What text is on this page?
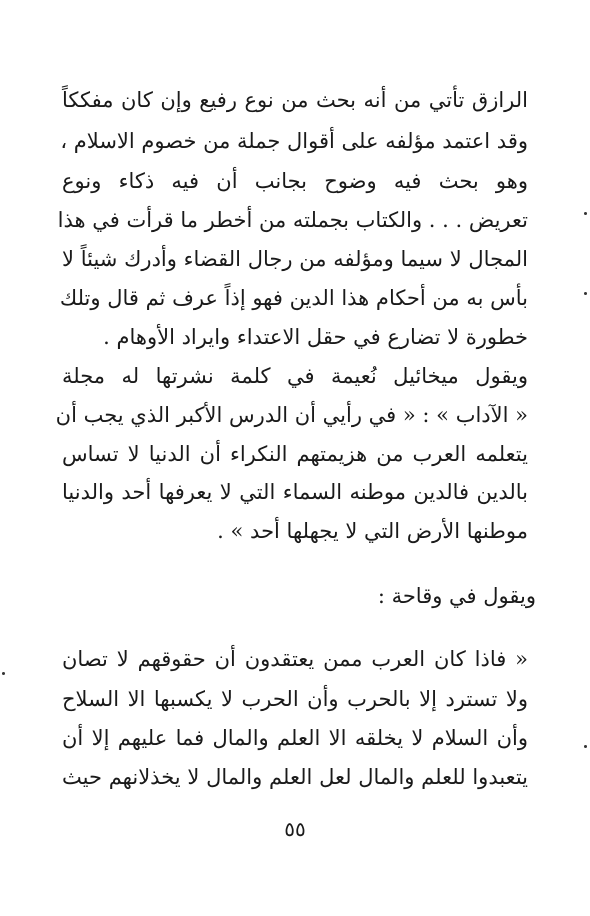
الرازق تأتي من أنه بحث من نوع رفيع وإن كان مفككاً
وقد اعتمد مؤلفه على أقوال جملة من خصوم الاسلام ،
وهو بحث فيه وضوح بجانب أن فيه ذكاء ونوع
تعريض . . . والكتاب بجملته من أخطر ما قرأت في هذا
المجال لا سيما ومؤلفه من رجال القضاء وأدرك شيئاً لا
بأس به من أحكام هذا الدين فهو إذاً عرف ثم قال وتلك
خطورة لا تضارع في حقل الاعتداء وايراد الأوهام .
ويقول ميخائيل نُعيمة في كلمة نشرتها له مجلة
« الآداب » : « في رأيي أن الدرس الأكبر الذي يجب أن
يتعلمه العرب من هزيمتهم النكراء أن الدنيا لا تساس
بالدين فالدين موطنه السماء التي لا يعرفها أحد والدنيا
موطنها الأرض التي لا يجهلها أحد » .
ويقول في وقاحة :
« فاذا كان العرب ممن يعتقدون أن حقوقهم لا تصان
ولا تسترد إلا بالحرب وأن الحرب لا يكسبها الا السلاح
وأن السلام لا يخلقه الا العلم والمال فما عليهم إلا أن
يتعبدوا للعلم والمال لعل العلم والمال لا يخذلانهم حيث
٥٥
